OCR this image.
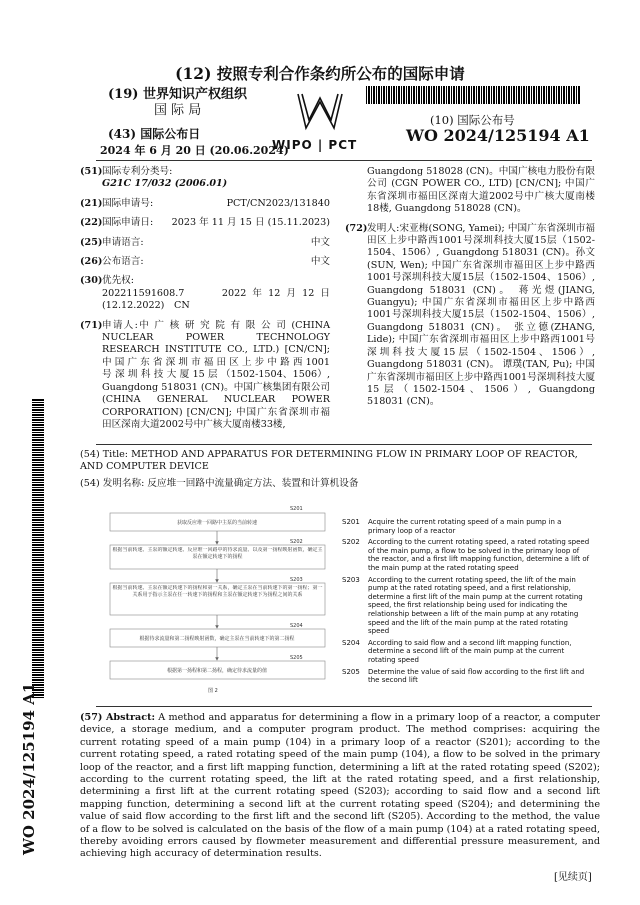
(12) 按照专利合作条约所公布的国际申请
(19) 世界知识产权组织
国 际 局
(43) 国际公布日
2024 年 6 月 20 日 (20.06.2024)
WIPO | PCT
(10) 国际公布号
WO 2024/125194 A1
(51) 国际专利分类号:
G21C 17/032 (2006.01)
(21) 国际申请号:	PCT/CN2023/131840
(22) 国际申请日: 2023 年 11 月 15 日 (15.11.2023)
(25) 申请语言:	中文
(26) 公布语言:	中文
(30) 优先权:
202211591608.7　　2022年12月12日 (12.12.2022)　CN
(71) 申请人:中 广 核 研 究 院 有 限 公 司 (CHINA NUCLEAR POWER TECHNOLOGY RESEARCH INSTITUTE CO., LTD.) [CN/CN]; 中 国 广 东 省 深 圳 市 福 田 区 上 步 中 路 西 1001 号 深 圳 科 技 大 厦 15 层 （1502-1504、1506）, Guangdong 518031 (CN)。中国广核集团有限公司(CHINA GENERAL NUCLEAR POWER CORPORATION) [CN/CN]; 中国广东省深圳市福田区深南大道2002号中广核大厦南楼33楼,
Guangdong 518028 (CN)。中国广核电力股份有限公司 (CGN POWER CO., LTD) [CN/CN]; 中国广东省深圳市福田区深南大道2002号中广核大厦南楼18楼, Guangdong 518028 (CN)。
(72) 发明人:宋亚梅(SONG, Yamei); 中国广东省深圳市福田区上步中路西1001号深圳科技大厦15层（1502-1504、1506）, Guangdong 518031 (CN)。孙文(SUN, Wen); 中国广东省深圳市福田区上步中路西1001号深圳科技大厦15层（1502-1504、1506）, Guangdong 518031 (CN)。 蒋光煜(JIANG, Guangyu); 中国广东省深圳市福田区上步中路西1001号深圳科技大厦15层（1502-1504、1506）, Guangdong 518031 (CN)。 张立德(ZHANG, Lide); 中国广东省深圳市福田区上步中路西1001号深圳科技大厦15层（1502-1504、1506）, Guangdong 518031 (CN)。 谭璞(TAN, Pu); 中国广东省深圳市福田区上步中路西1001号深圳科技大厦15层（1502-1504、1506）, Guangdong 518031 (CN)。
WO 2024/125194 A1
(54) Title: METHOD AND APPARATUS FOR DETERMINING FLOW IN PRIMARY LOOP OF REACTOR, AND COMPUTER DEVICE
(54) 发明名称: 反应堆一回路中流量确定方法、装置和计算机设备
获取反应堆一回路中主泵的当前转速
S201
根据当前转速、主泵的额定转速、反应堆一回路中的待求流量、以及第一扬程映射函数，确定主泵在额定转速下的扬程
S202
根据当前转速、主泵在额定转速下的扬程和第一关系，确定主泵在当前转速下的第一扬程；第一关系用于指示主泵在任一转速下的扬程和主泵在额定转速下为扬程之间的关系
S203
根据待求流量和第二扬程映射函数，确定主泵在当前转速下的第二扬程
S204
根据第一扬程和第二扬程，确定待求流量的值
S205
图 2
S201	Acquire the current rotating speed of a main pump in a primary loop of a reactor
S202	According to the current rotating speed, a rated rotating speed of the main pump, a flow to be solved in the primary loop of the reactor, and a first lift mapping function, determine a lift of the main pump at the rated rotating speed
S203	According to the current rotating speed, the lift of the main pump at the rated rotating speed, and a first relationship, determine a first lift of the main pump at the current rotating speed, the first relationship being used for indicating the relationship between a lift of the main pump at any rotating speed and the lift of the main pump at the rated rotating speed
S204	According to said flow and a second lift mapping function, determine a second lift of the main pump at the current rotating speed
S205	Determine the value of said flow according to the first lift and the second lift
(57) Abstract: A method and apparatus for determining a flow in a primary loop of a reactor, a computer device, a storage medium, and a computer program product. The method comprises: acquiring the current rotating speed of a main pump (104) in a primary loop of a reactor (S201); according to the current rotating speed, a rated rotating speed of the main pump (104), a flow to be solved in the primary loop of the reactor, and a first lift mapping function, determining a lift at the rated rotating speed (S202); according to the current rotating speed, the lift at the rated rotating speed, and a first relationship, determining a first lift at the current rotating speed (S203); according to said flow and a second lift mapping function, determining a second lift at the current rotating speed (S204); and determining the value of said flow according to the first lift and the second lift (S205). According to the method, the value of a flow to be solved is calculated on the basis of the flow of a main pump (104) at a rated rotating speed, thereby avoiding errors caused by flowmeter measurement and differential pressure measurement, and achieving high accuracy of determination results.
[见续页]
